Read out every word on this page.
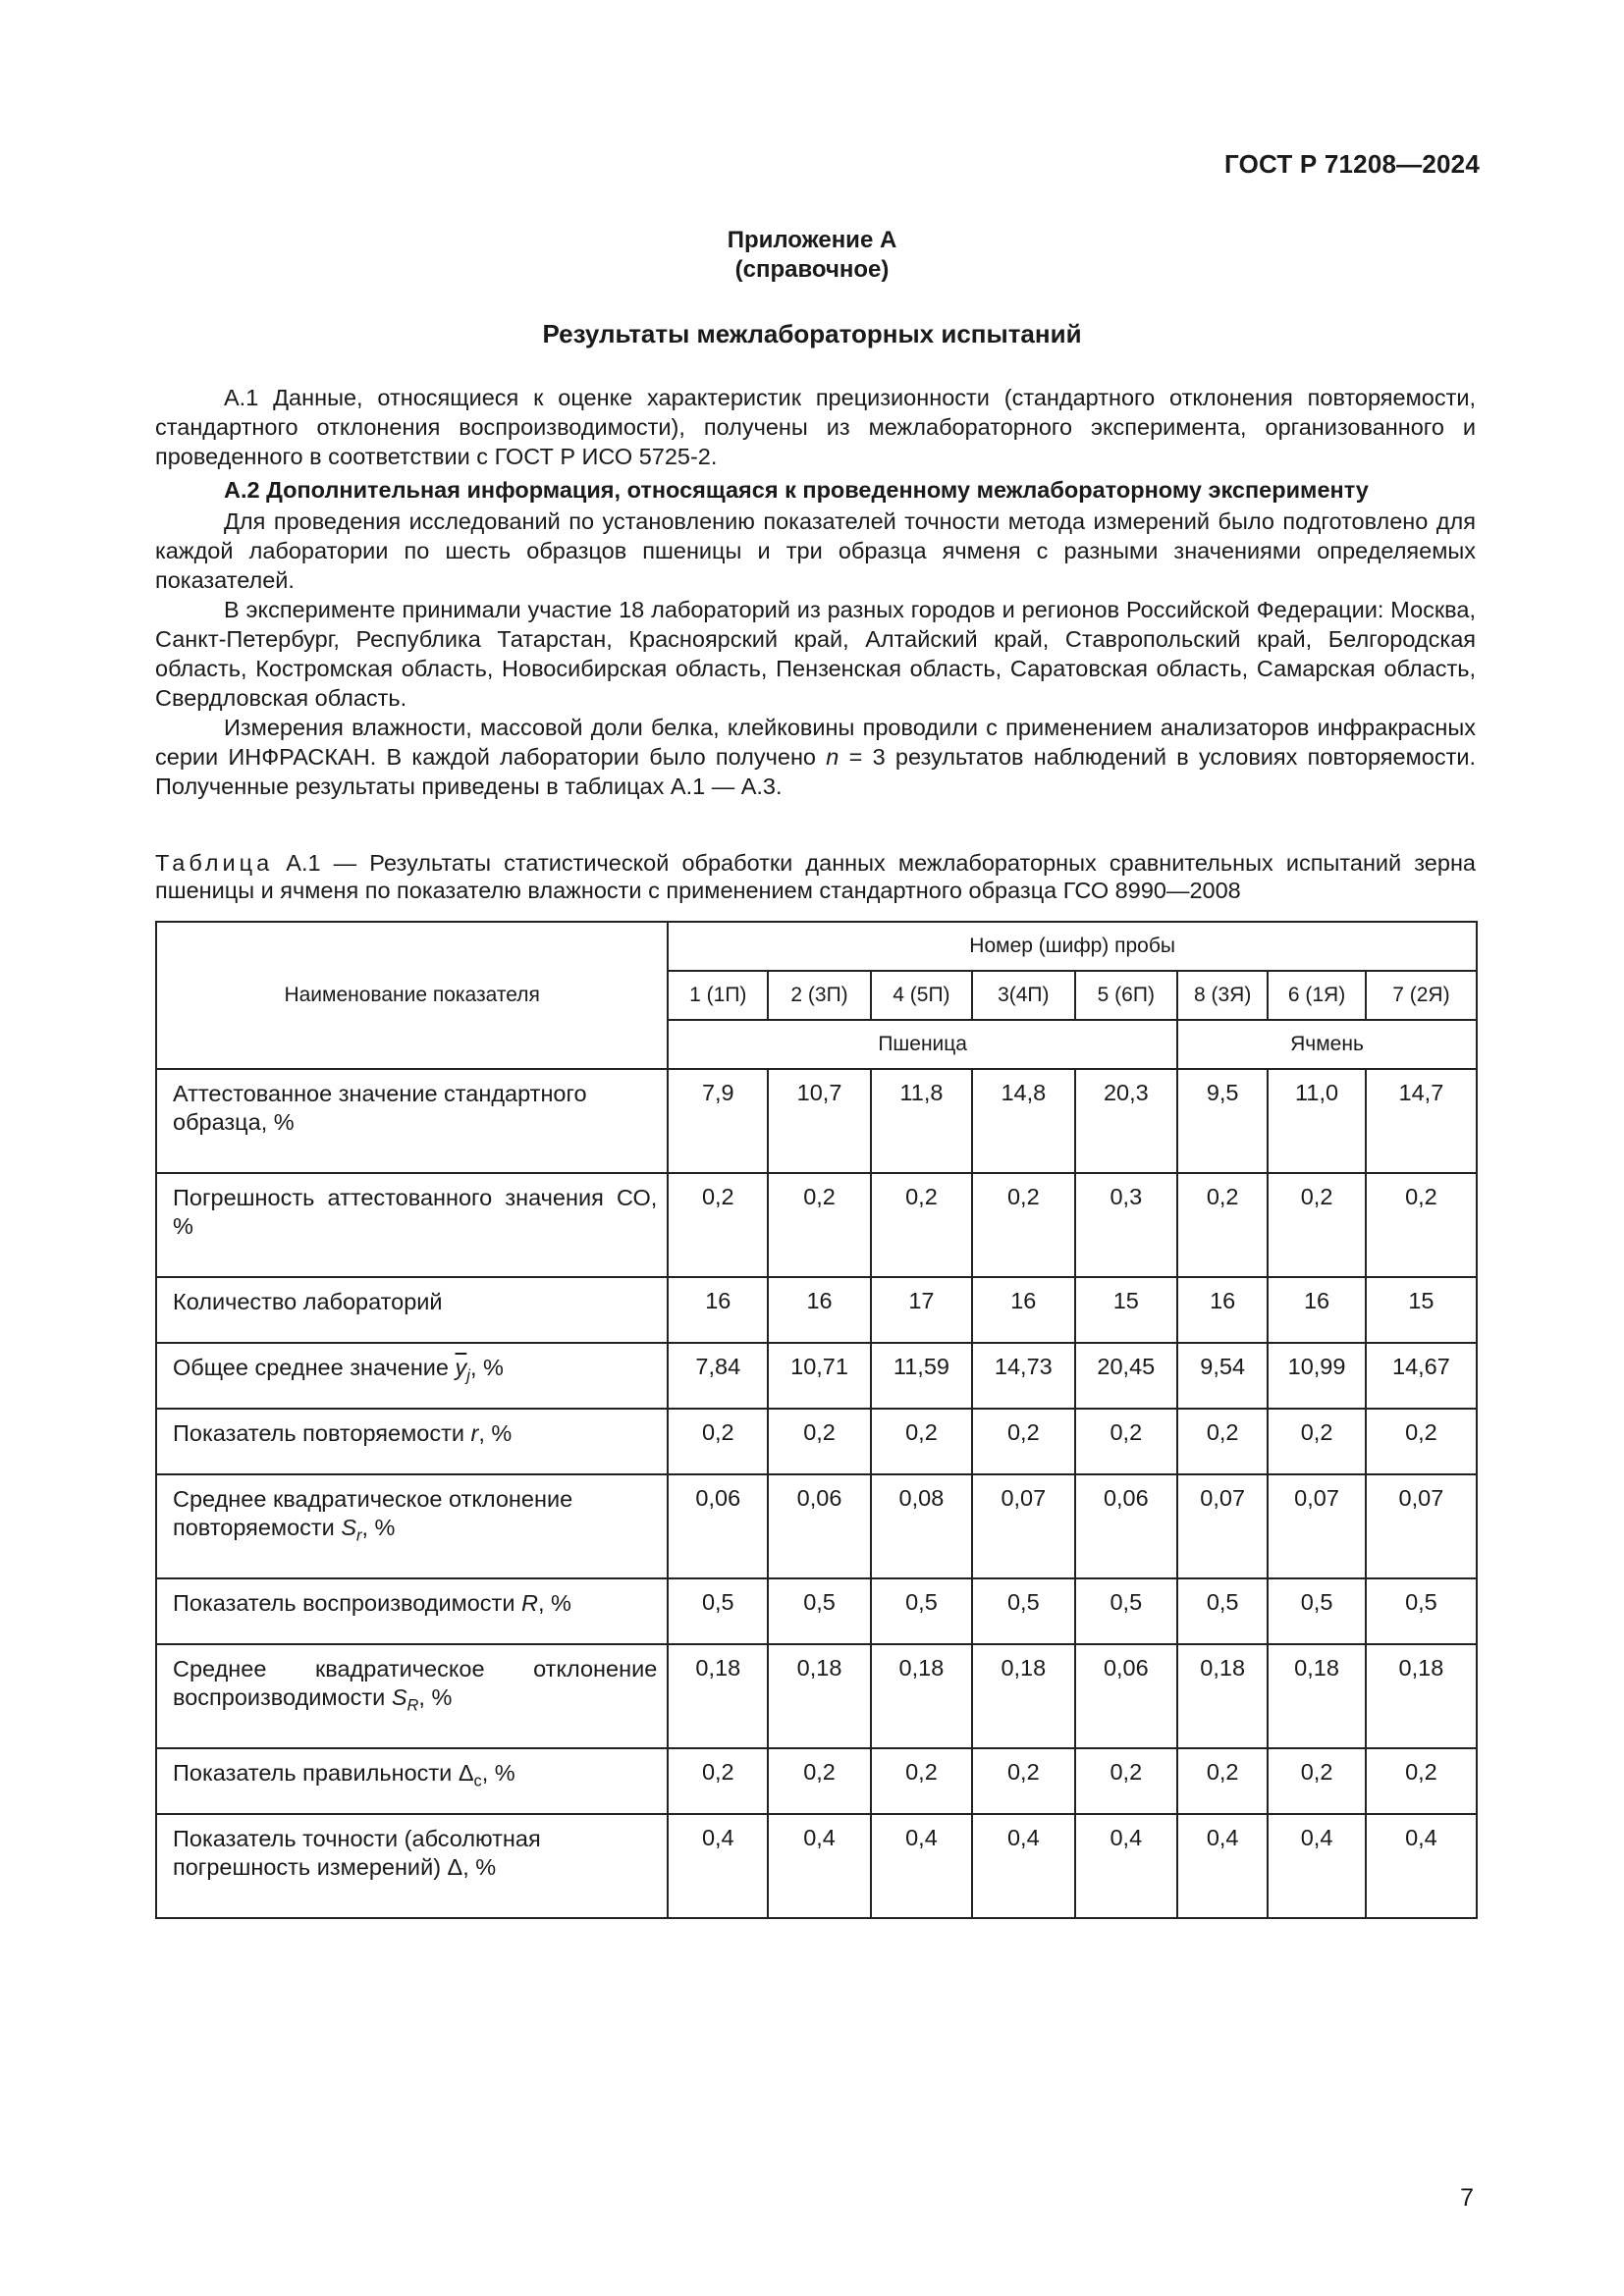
ГОСТ Р 71208—2024
Приложение А
(справочное)
Результаты межлабораторных испытаний

А.1 Данные, относящиеся к оценке характеристик прецизионности (стандартного отклонения повторяемости, стандартного отклонения воспроизводимости), получены из межлабораторного эксперимента, организованного и проведенного в соответствии с ГОСТ Р ИСО 5725-2.

А.2 Дополнительная информация, относящаяся к проведенному межлабораторному эксперименту

Для проведения исследований по установлению показателей точности метода измерений было подготовлено для каждой лаборатории по шесть образцов пшеницы и три образца ячменя с разными значениями определяемых показателей.

В эксперименте принимали участие 18 лабораторий из разных городов и регионов Российской Федерации: Москва, Санкт-Петербург, Республика Татарстан, Красноярский край, Алтайский край, Ставропольский край, Белгородская область, Костромская область, Новосибирская область, Пензенская область, Саратовская область, Самарская область, Свердловская область.

Измерения влажности, массовой доли белка, клейковины проводили с применением анализаторов инфракрасных серии ИНФРАСКАН. В каждой лаборатории было получено n = 3 результатов наблюдений в условиях повторяемости. Полученные результаты приведены в таблицах А.1 — А.3.

Таблица А.1 — Результаты статистической обработки данных межлабораторных сравнительных испытаний зерна пшеницы и ячменя по показателю влажности с применением стандартного образца ГСО 8990—2008
Наименование показателя	Номер (шифр) пробы							
	1 (1П)	2 (3П)	4 (5П)	3(4П)	5 (6П)	8 (3Я)	6 (1Я)	7 (2Я)
	Пшеница					Ячмень		
Аттестованное значение стандартного образца, %	7,9	10,7	11,8	14,8	20,3	9,5	11,0	14,7
Погрешность аттестованного значения СО, %	0,2	0,2	0,2	0,2	0,3	0,2	0,2	0,2
Количество лабораторий	16	16	17	16	15	16	16	15
Общее среднее значение $\overline{y}_j$, %	7,84	10,71	11,59	14,73	20,45	9,54	10,99	14,67
Показатель повторяемости r, %	0,2	0,2	0,2	0,2	0,2	0,2	0,2	0,2
Среднее квадратическое отклонение повторяемости $S_r$, %	0,06	0,06	0,08	0,07	0,06	0,07	0,07	0,07
Показатель воспроизводимости R, %	0,5	0,5	0,5	0,5	0,5	0,5	0,5	0,5
Среднее квадратическое отклонение воспроизводимости $S_R$, %	0,18	0,18	0,18	0,18	0,06	0,18	0,18	0,18
Показатель правильности $\Delta_c$, %	0,2	0,2	0,2	0,2	0,2	0,2	0,2	0,2
Показатель точности (абсолютная погрешность измерений) Δ, %	0,4	0,4	0,4	0,4	0,4	0,4	0,4	0,4
7
